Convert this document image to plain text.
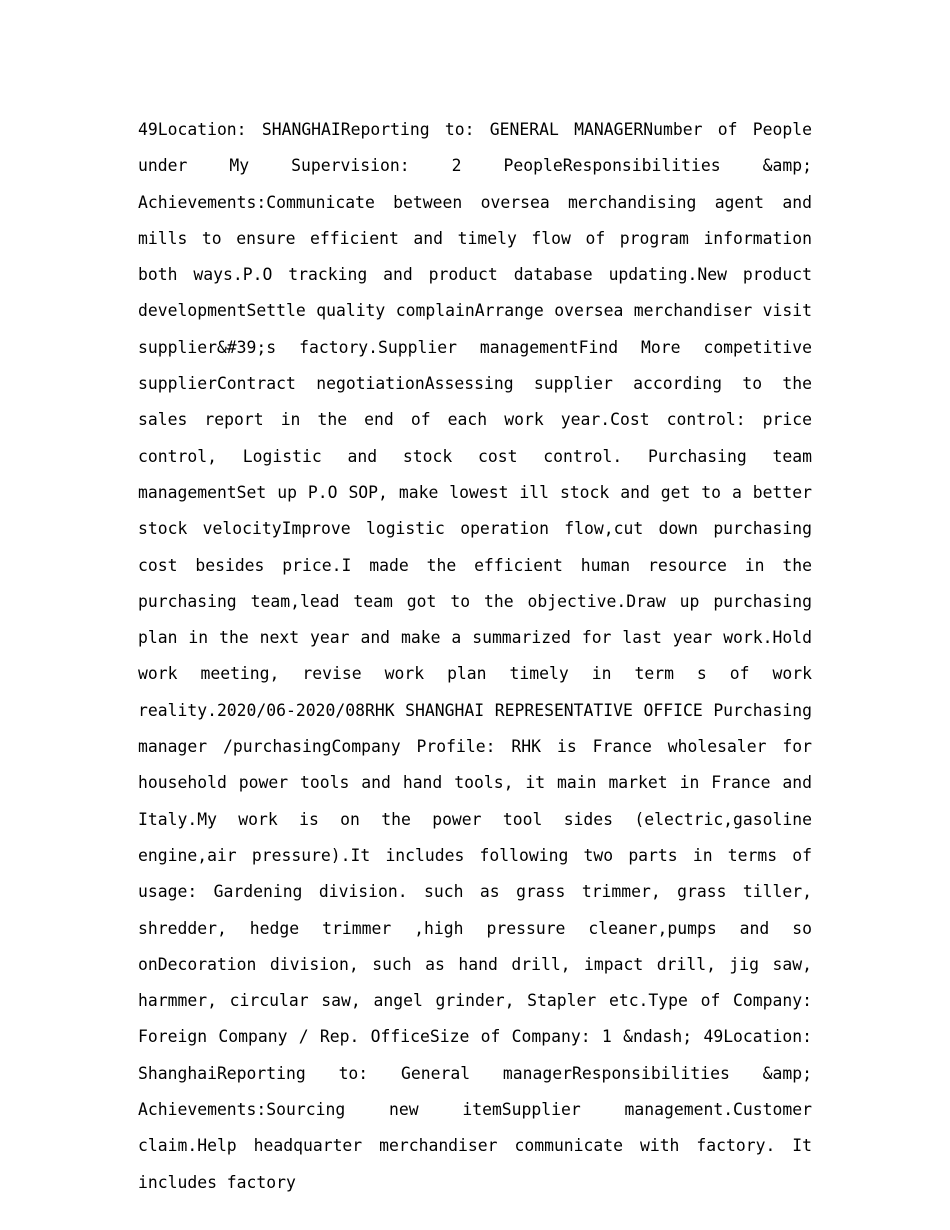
49Location: SHANGHAIReporting to: GENERAL MANAGERNumber of People under My Supervision: 2 PeopleResponsibilities &amp; Achievements:Communicate between oversea merchandising agent and mills to ensure efficient and timely flow of program information both ways.P.O tracking and product database updating.New product developmentSettle quality complainArrange oversea merchandiser visit supplier&#39;s factory.Supplier managementFind More competitive supplierContract negotiationAssessing supplier according to the sales report in the end of each work year.Cost control: price control, Logistic and stock cost control. Purchasing team managementSet up P.O SOP, make lowest ill stock and get to a better stock velocityImprove logistic operation flow,cut down purchasing cost besides price.I made the efficient human resource in the purchasing team,lead team got to the objective.Draw up purchasing plan in the next year and make a summarized for last year work.Hold work meeting, revise work plan timely in term s of work reality.2020/06-2020/08RHK SHANGHAI REPRESENTATIVE OFFICE Purchasing manager /purchasingCompany Profile: RHK is France wholesaler for household power tools and hand tools, it main market in France and Italy.My work is on the power tool sides (electric,gasoline engine,air pressure).It includes following two parts in terms of usage: Gardening division. such as grass trimmer, grass tiller, shredder, hedge trimmer ,high pressure cleaner,pumps and so onDecoration division, such as hand drill, impact drill, jig saw, harmmer, circular saw, angel grinder, Stapler etc.Type of Company: Foreign Company / Rep. OfficeSize of Company: 1 &ndash; 49Location: ShanghaiReporting to: General managerResponsibilities &amp; Achievements:Sourcing new itemSupplier management.Customer claim.Help headquarter merchandiser communicate with factory. It includes factory
